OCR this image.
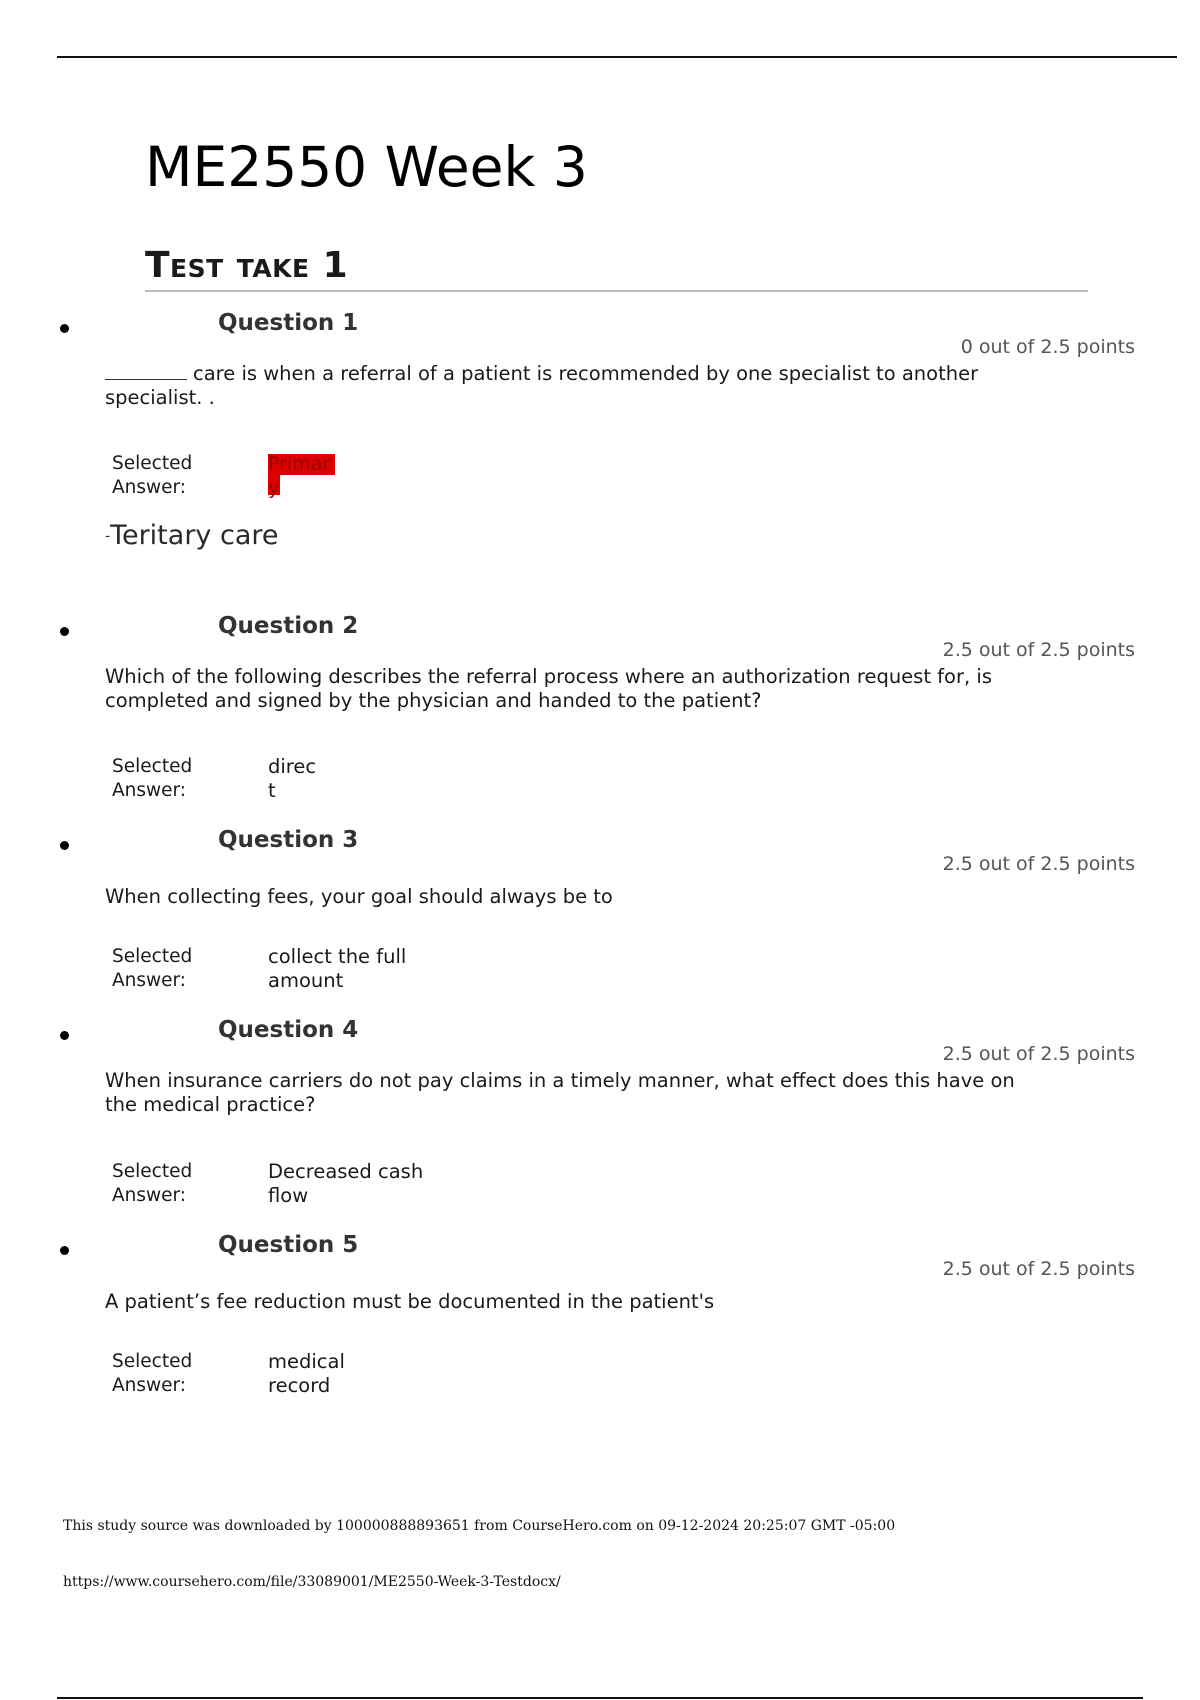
ME2550 Week 3
Test take 1
Question 1
0 out of 2.5 points
care is when a referral of a patient is recommended by one specialist to another specialist. .
Selected Answer:
Primary
-Teritary care
Question 2
2.5 out of 2.5 points
Which of the following describes the referral process where an authorization request for, is completed and signed by the physician and handed to the patient?
Selected Answer:
direct
Question 3
2.5 out of 2.5 points
When collecting fees, your goal should always be to
Selected Answer:
collect the full amount
Question 4
2.5 out of 2.5 points
When insurance carriers do not pay claims in a timely manner, what effect does this have on the medical practice?
Selected Answer:
Decreased cash flow
Question 5
2.5 out of 2.5 points
A patient’s fee reduction must be documented in the patient's
Selected Answer:
medical record
This study source was downloaded by 100000888893651 from CourseHero.com on 09-12-2024 20:25:07 GMT -05:00
https://www.coursehero.com/file/33089001/ME2550-Week-3-Testdocx/
